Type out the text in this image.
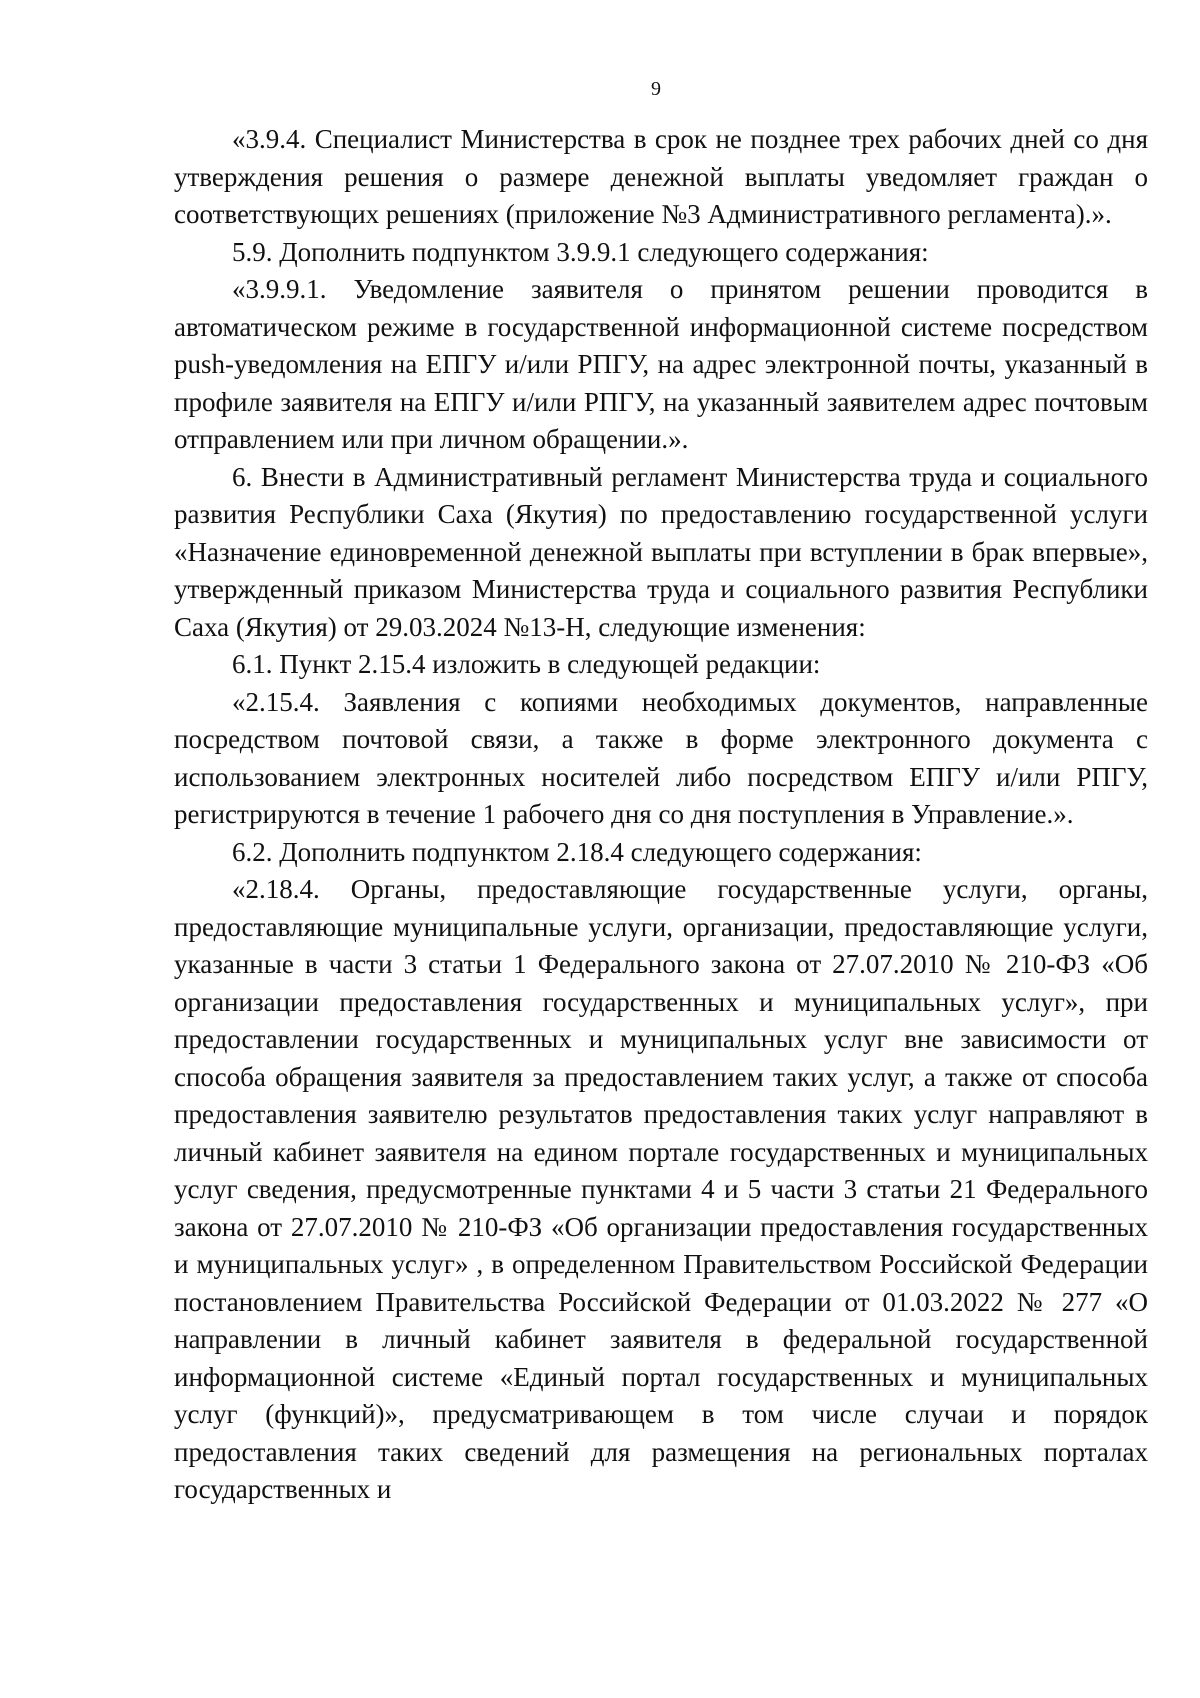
9

«3.9.4. Специалист Министерства в срок не позднее трех рабочих дней со дня утверждения решения о размере денежной выплаты уведомляет граждан о соответствующих решениях (приложение №3 Административного регламента).».

5.9. Дополнить подпунктом 3.9.9.1 следующего содержания:

«3.9.9.1. Уведомление заявителя о принятом решении проводится в автоматическом режиме в государственной информационной системе посредством push-уведомления на ЕПГУ и/или РПГУ, на адрес электронной почты, указанный в профиле заявителя на ЕПГУ и/или РПГУ, на указанный заявителем адрес почтовым отправлением или при личном обращении.».

6. Внести в Административный регламент Министерства труда и социального развития Республики Саха (Якутия) по предоставлению государственной услуги «Назначение единовременной денежной выплаты при вступлении в брак впервые», утвержденный приказом Министерства труда и социального развития Республики Саха (Якутия) от 29.03.2024 №13-Н, следующие изменения:

6.1. Пункт 2.15.4 изложить в следующей редакции:

«2.15.4. Заявления с копиями необходимых документов, направленные посредством почтовой связи, а также в форме электронного документа с использованием электронных носителей либо посредством ЕПГУ и/или РПГУ, регистрируются в течение 1 рабочего дня со дня поступления в Управление.».

6.2. Дополнить подпунктом 2.18.4 следующего содержания:

«2.18.4. Органы, предоставляющие государственные услуги, органы, предоставляющие муниципальные услуги, организации, предоставляющие услуги, указанные в части 3 статьи 1 Федерального закона от 27.07.2010 № 210-ФЗ «Об организации предоставления государственных и муниципальных услуг», при предоставлении государственных и муниципальных услуг вне зависимости от способа обращения заявителя за предоставлением таких услуг, а также от способа предоставления заявителю результатов предоставления таких услуг направляют в личный кабинет заявителя на едином портале государственных и муниципальных услуг сведения, предусмотренные пунктами 4 и 5 части 3 статьи 21 Федерального закона от 27.07.2010 № 210-ФЗ «Об организации предоставления государственных и муниципальных услуг» , в определенном Правительством Российской Федерации постановлением Правительства Российской Федерации от 01.03.2022 № 277 «О направлении в личный кабинет заявителя в федеральной государственной информационной системе «Единый портал государственных и муниципальных услуг (функций)», предусматривающем в том числе случаи и порядок предоставления таких сведений для размещения на региональных порталах государственных и
